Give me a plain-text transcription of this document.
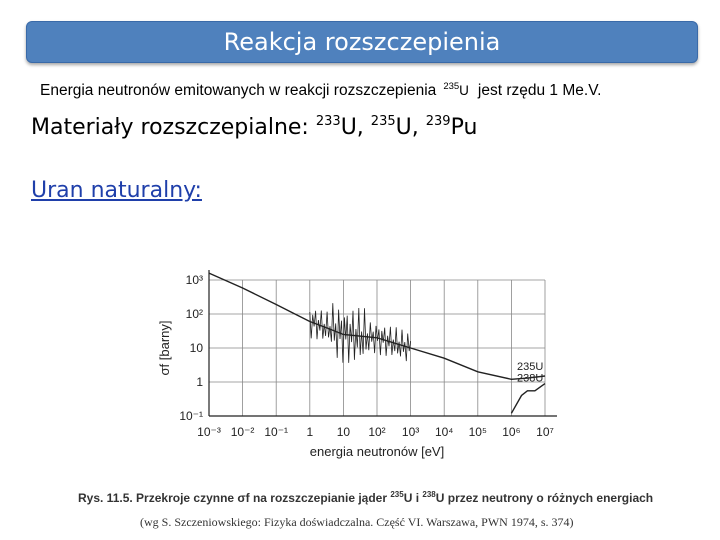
Reakcja rozszczepienia
Energia neutronów emitowanych w reakcji rozszczepienia $^{235}$U jest rzędu 1 Me.V.
Materiały rozszczepialne: $^{233}$U, $^{235}$U, $^{239}$Pu
Uran naturalny:
10⁻³ 10⁻² 10⁻¹ 1 10 10² 10³ 10⁴ 10⁵ 10⁶ 10⁷
10⁻¹
1
10
10²
10³
σf [barny]
energia neutronów [eV]
235U
238U
Rys. 11.5. Przekroje czynne σf na rozszczepianie jąder $^{235}$U i $^{238}$U przez neutrony o różnych energiach
(wg S. Szczeniowskiego: Fizyka doświadczalna. Część VI. Warszawa, PWN 1974, s. 374)
